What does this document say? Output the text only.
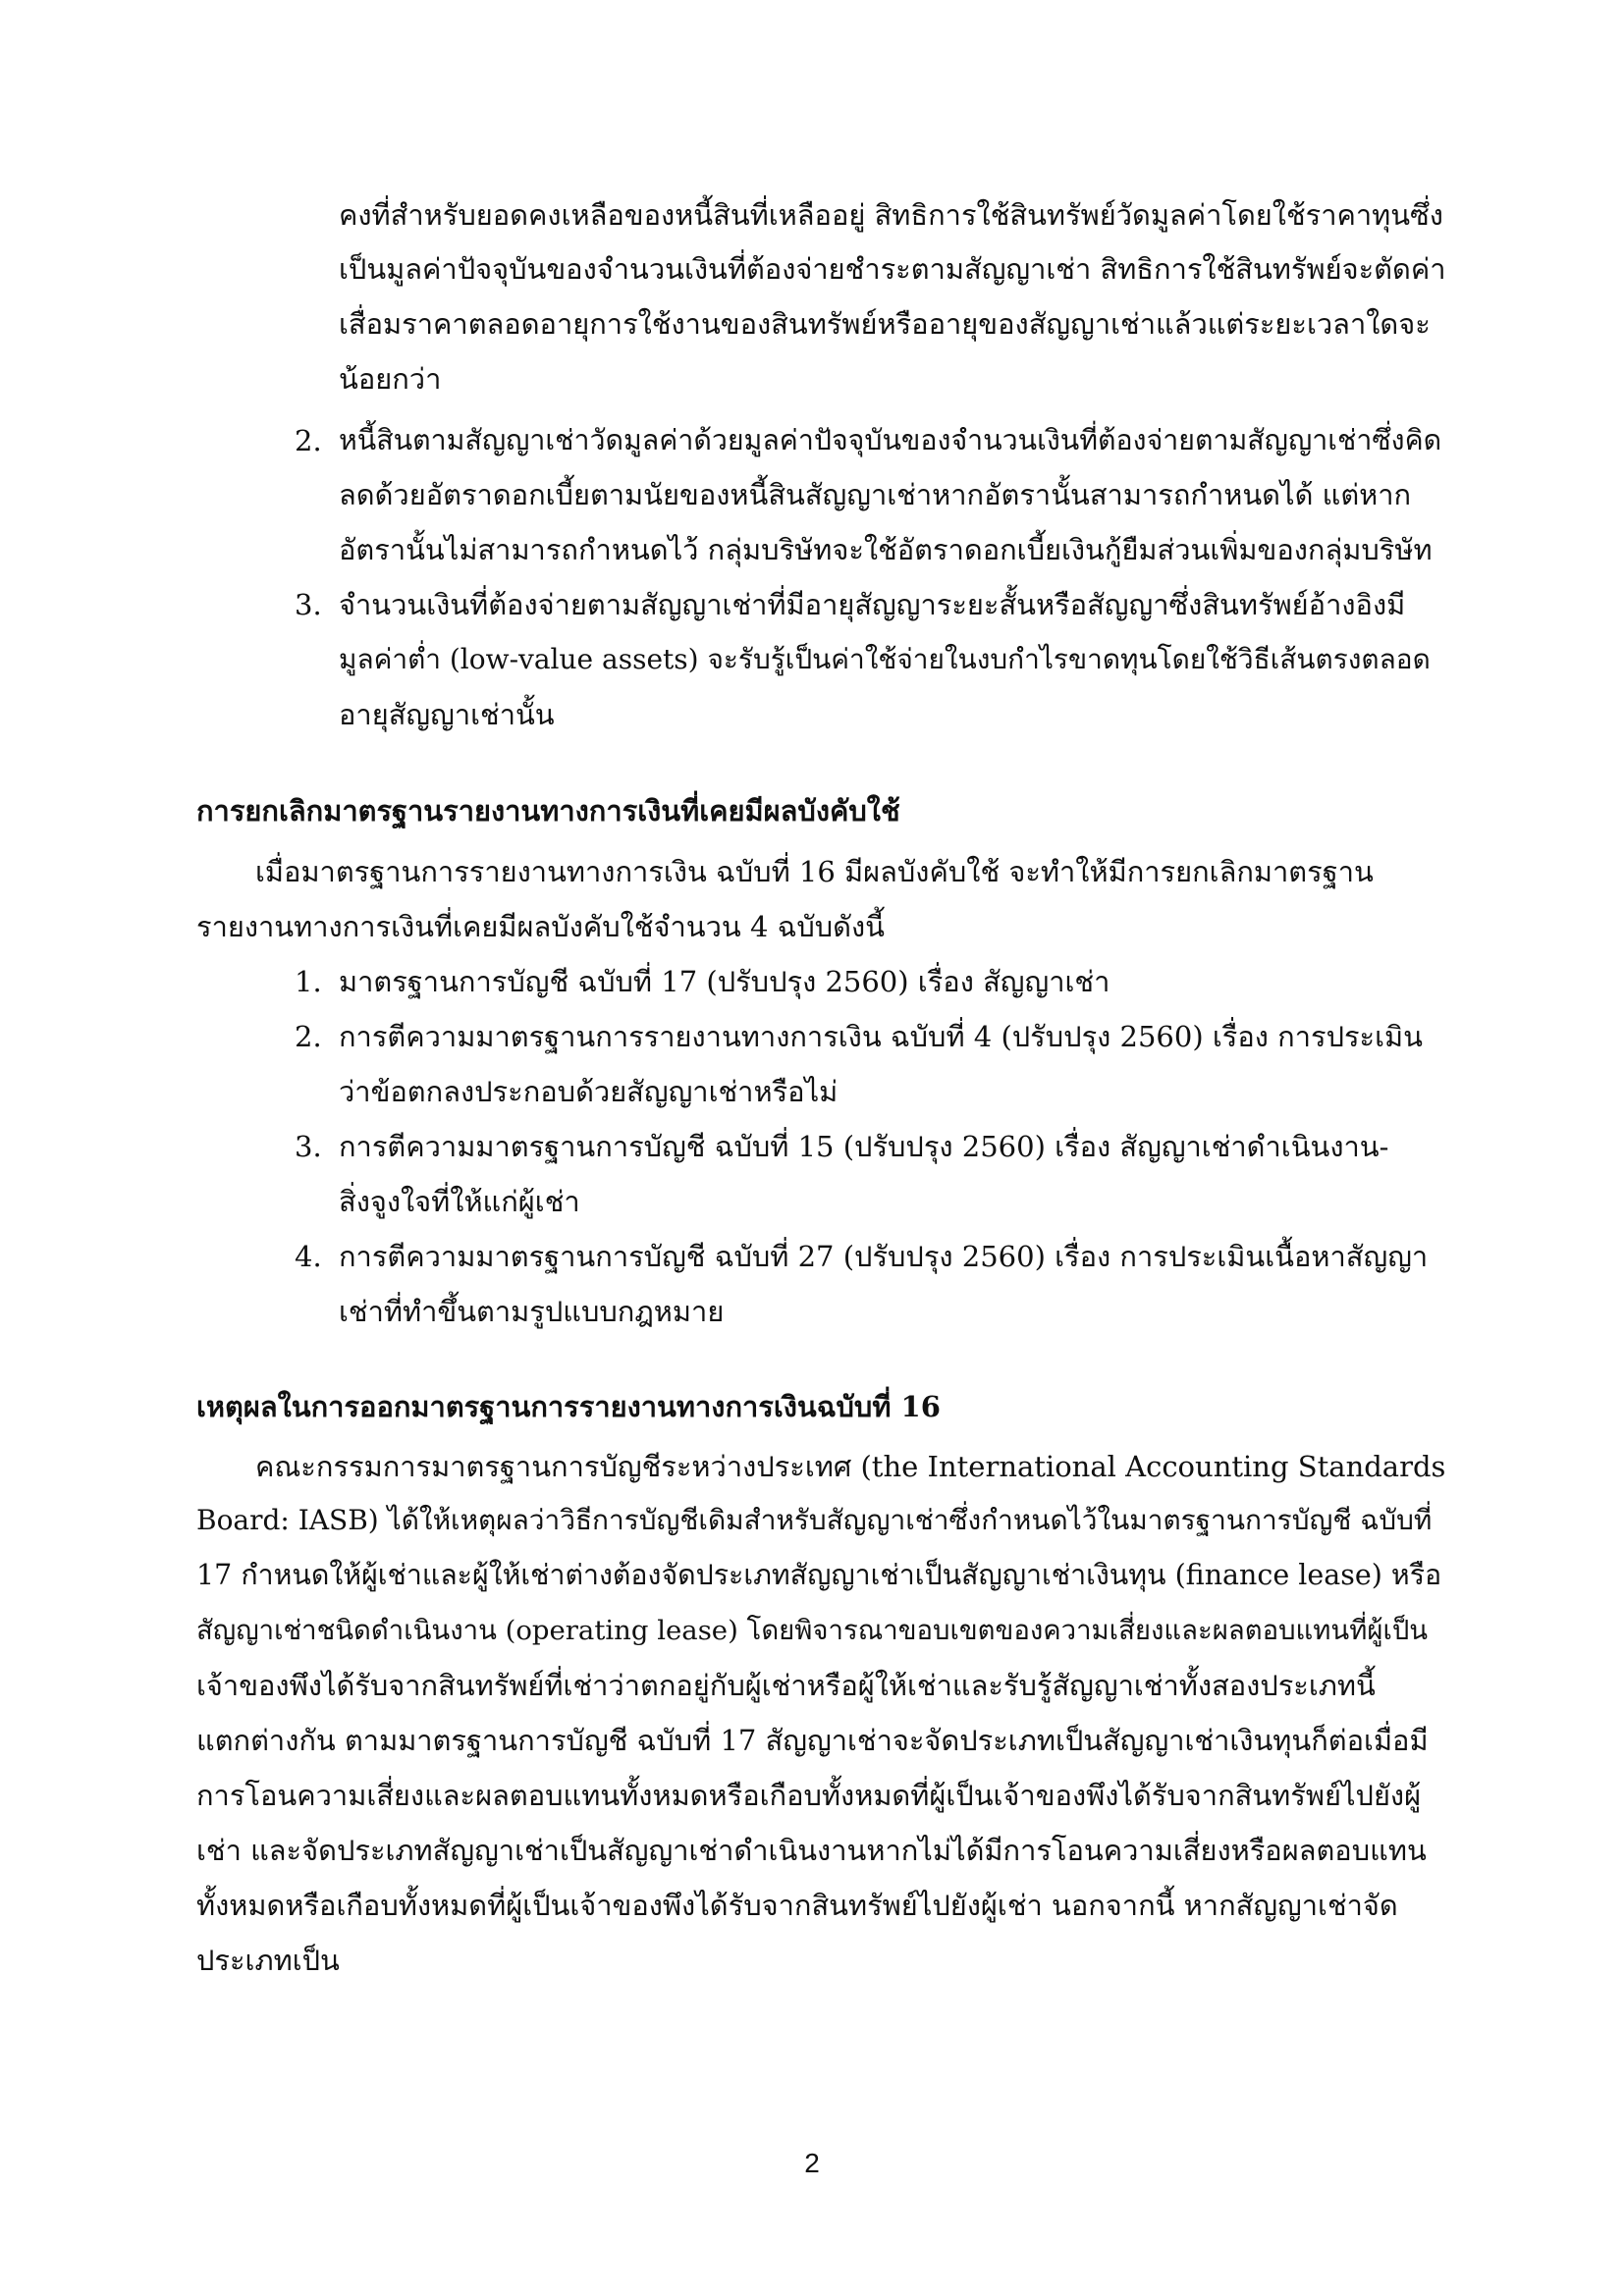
คงที่สำหรับยอดคงเหลือของหนี้สินที่เหลืออยู่ สิทธิการใช้สินทรัพย์วัดมูลค่าโดยใช้ราคาทุนซึ่ง
เป็นมูลค่าปัจจุบันของจำนวนเงินที่ต้องจ่ายชำระตามสัญญาเช่า สิทธิการใช้สินทรัพย์จะตัดค่า
เสื่อมราคาตลอดอายุการใช้งานของสินทรัพย์หรืออายุของสัญญาเช่าแล้วแต่ระยะเวลาใดจะ
น้อยกว่า
2. หนี้สินตามสัญญาเช่าวัดมูลค่าด้วยมูลค่าปัจจุบันของจำนวนเงินที่ต้องจ่ายตามสัญญาเช่าซึ่งคิด
ลดด้วยอัตราดอกเบี้ยตามนัยของหนี้สินสัญญาเช่าหากอัตรานั้นสามารถกำหนดได้ แต่หาก
อัตรานั้นไม่สามารถกำหนดไว้ กลุ่มบริษัทจะใช้อัตราดอกเบี้ยเงินกู้ยืมส่วนเพิ่มของกลุ่มบริษัท
3. จำนวนเงินที่ต้องจ่ายตามสัญญาเช่าที่มีอายุสัญญาระยะสั้นหรือสัญญาซึ่งสินทรัพย์อ้างอิงมี
มูลค่าต่ำ (low-value assets) จะรับรู้เป็นค่าใช้จ่ายในงบกำไรขาดทุนโดยใช้วิธีเส้นตรงตลอด
อายุสัญญาเช่านั้น
การยกเลิกมาตรฐานรายงานทางการเงินที่เคยมีผลบังคับใช้
เมื่อมาตรฐานการรายงานทางการเงิน ฉบับที่ 16 มีผลบังคับใช้ จะทำให้มีการยกเลิกมาตรฐาน
รายงานทางการเงินที่เคยมีผลบังคับใช้จำนวน 4 ฉบับดังนี้
1. มาตรฐานการบัญชี ฉบับที่ 17 (ปรับปรุง 2560) เรื่อง สัญญาเช่า
2. การตีความมาตรฐานการรายงานทางการเงิน ฉบับที่ 4 (ปรับปรุง 2560) เรื่อง การประเมิน
ว่าข้อตกลงประกอบด้วยสัญญาเช่าหรือไม่
3. การตีความมาตรฐานการบัญชี ฉบับที่ 15 (ปรับปรุง 2560) เรื่อง สัญญาเช่าดำเนินงาน-
สิ่งจูงใจที่ให้แก่ผู้เช่า
4. การตีความมาตรฐานการบัญชี ฉบับที่ 27 (ปรับปรุง 2560) เรื่อง การประเมินเนื้อหาสัญญา
เช่าที่ทำขึ้นตามรูปแบบกฎหมาย
เหตุผลในการออกมาตรฐานการรายงานทางการเงินฉบับที่ 16
คณะกรรมการมาตรฐานการบัญชีระหว่างประเทศ (the International Accounting Standards
Board: IASB) ได้ให้เหตุผลว่าวิธีการบัญชีเดิมสำหรับสัญญาเช่าซึ่งกำหนดไว้ในมาตรฐานการบัญชี ฉบับที่
17 กำหนดให้ผู้เช่าและผู้ให้เช่าต่างต้องจัดประเภทสัญญาเช่าเป็นสัญญาเช่าเงินทุน (finance lease) หรือ
สัญญาเช่าชนิดดำเนินงาน (operating lease) โดยพิจารณาขอบเขตของความเสี่ยงและผลตอบแทนที่ผู้เป็น
เจ้าของพึงได้รับจากสินทรัพย์ที่เช่าว่าตกอยู่กับผู้เช่าหรือผู้ให้เช่าและรับรู้สัญญาเช่าทั้งสองประเภทนี้
แตกต่างกัน ตามมาตรฐานการบัญชี ฉบับที่ 17 สัญญาเช่าจะจัดประเภทเป็นสัญญาเช่าเงินทุนก็ต่อเมื่อมี
การโอนความเสี่ยงและผลตอบแทนทั้งหมดหรือเกือบทั้งหมดที่ผู้เป็นเจ้าของพึงได้รับจากสินทรัพย์ไปยังผู้
เช่า และจัดประเภทสัญญาเช่าเป็นสัญญาเช่าดำเนินงานหากไม่ได้มีการโอนความเสี่ยงหรือผลตอบแทน
ทั้งหมดหรือเกือบทั้งหมดที่ผู้เป็นเจ้าของพึงได้รับจากสินทรัพย์ไปยังผู้เช่า นอกจากนี้ หากสัญญาเช่าจัด
ประเภทเป็น
2
